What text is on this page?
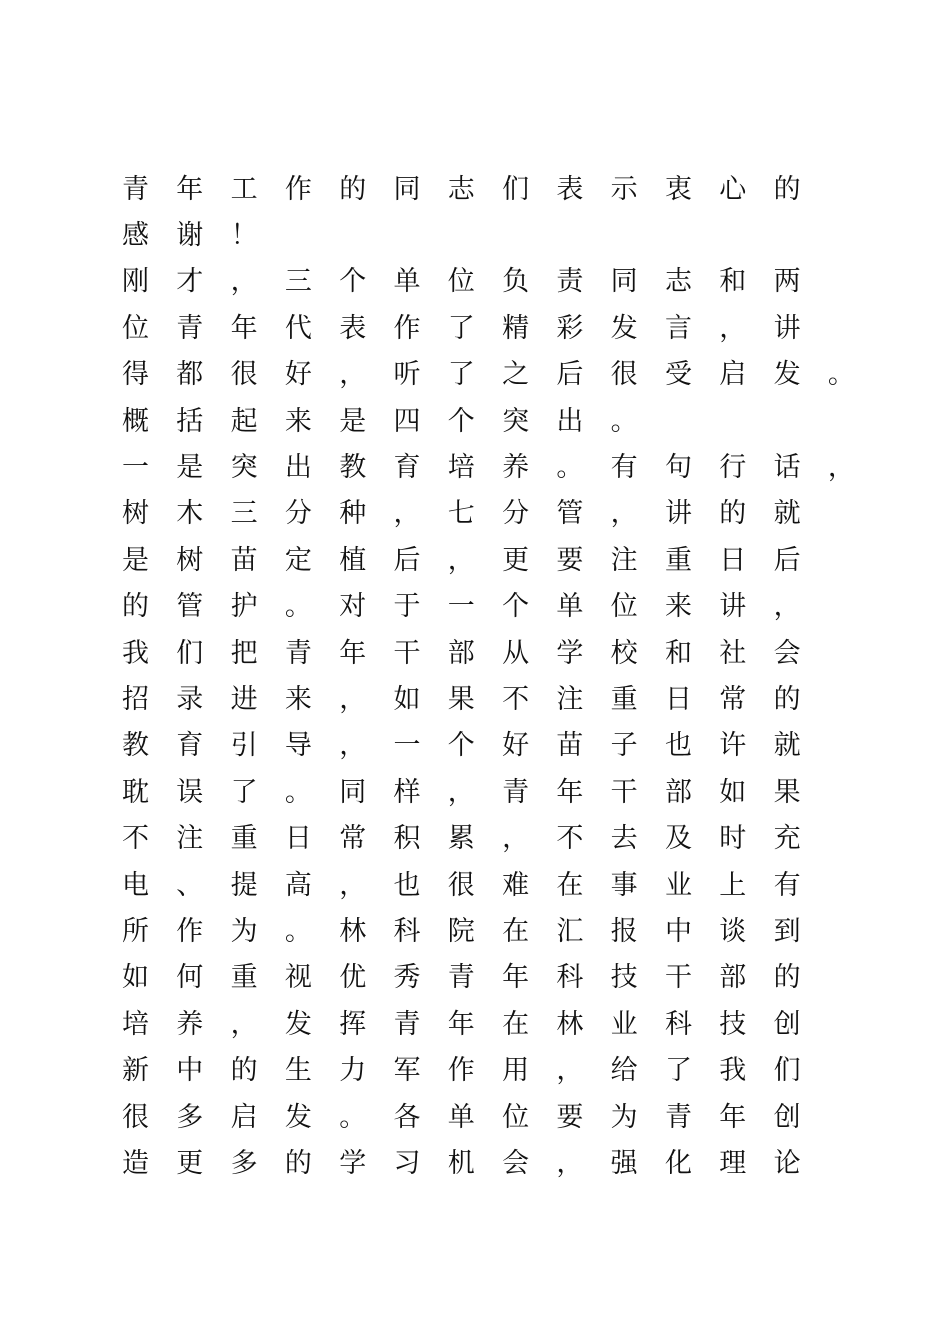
青	年	工	作	的	同	志	们	表	示	衷	心	的
感	谢	！
刚	才	，	三	个	单	位	负	责	同	志	和	两
位	青	年	代	表	作	了	精	彩	发	言	，	讲
得	都	很	好	，	听	了	之	后	很	受	启	发	。
概	括	起	来	是	四	个	突	出	。
一	是	突	出	教	育	培	养	。	有	句	行	话	，
树	木	三	分	种	，	七	分	管	，	讲	的	就
是	树	苗	定	植	后	，	更	要	注	重	日	后
的	管	护	。	对	于	一	个	单	位	来	讲	，
我	们	把	青	年	干	部	从	学	校	和	社	会
招	录	进	来	，	如	果	不	注	重	日	常	的
教	育	引	导	，	一	个	好	苗	子	也	许	就
耽	误	了	。	同	样	，	青	年	干	部	如	果
不	注	重	日	常	积	累	，	不	去	及	时	充
电	、	提	高	，	也	很	难	在	事	业	上	有
所	作	为	。	林	科	院	在	汇	报	中	谈	到
如	何	重	视	优	秀	青	年	科	技	干	部	的
培	养	，	发	挥	青	年	在	林	业	科	技	创
新	中	的	生	力	军	作	用	，	给	了	我	们
很	多	启	发	。	各	单	位	要	为	青	年	创
造	更	多	的	学	习	机	会	，	强	化	理	论
